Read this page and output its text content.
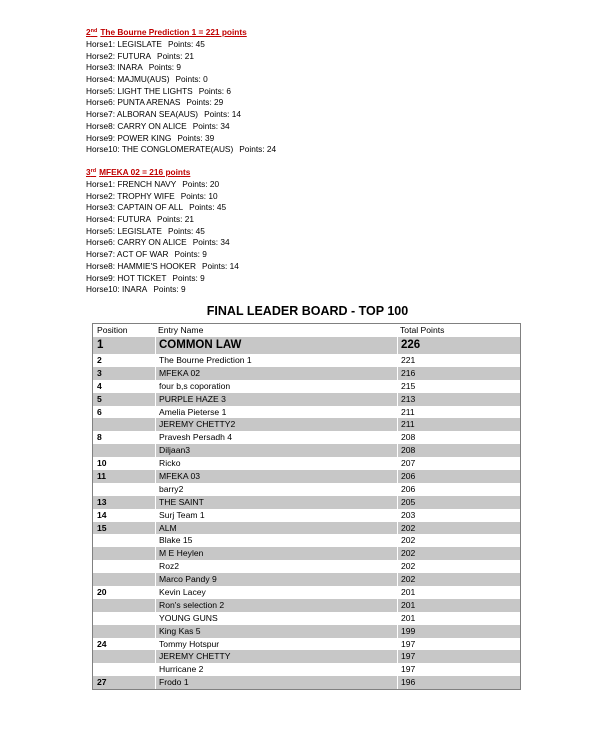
2nd The Bourne Prediction 1 = 221 points
Horse1: LEGISLATE Points: 45
Horse2: FUTURA Points: 21
Horse3: INARA Points: 9
Horse4: MAJMU(AUS) Points: 0
Horse5: LIGHT THE LIGHTS Points: 6
Horse6: PUNTA ARENAS Points: 29
Horse7: ALBORAN SEA(AUS) Points: 14
Horse8: CARRY ON ALICE Points: 34
Horse9: POWER KING Points: 39
Horse10: THE CONGLOMERATE(AUS) Points: 24
3rd MFEKA 02 = 216 points
Horse1: FRENCH NAVY Points: 20
Horse2: TROPHY WIFE Points: 10
Horse3: CAPTAIN OF ALL Points: 45
Horse4: FUTURA Points: 21
Horse5: LEGISLATE Points: 45
Horse6: CARRY ON ALICE Points: 34
Horse7: ACT OF WAR Points: 9
Horse8: HAMMIE'S HOOKER Points: 14
Horse9: HOT TICKET Points: 9
Horse10: INARA Points: 9
FINAL LEADER BOARD - TOP 100
Position	Entry Name	Total Points
1	COMMON LAW	226
2	The Bourne Prediction 1	221
3	MFEKA 02	216
4	four b,s coporation	215
5	PURPLE HAZE 3	213
6	Amelia Pieterse 1	211
JEREMY CHETTY2	211
8	Pravesh Persadh 4	208
Diljaan3	208
10	Ricko	207
11	MFEKA 03	206
barry2	206
13	THE SAINT	205
14	Surj Team 1	203
15	ALM	202
Blake 15	202
M E Heylen	202
Roz2	202
Marco Pandy 9	202
20	Kevin Lacey	201
Ron's selection 2	201
YOUNG GUNS	201
King Kas 5	199
24	Tommy Hotspur	197
JEREMY CHETTY	197
Hurricane 2	197
27	Frodo 1	196
